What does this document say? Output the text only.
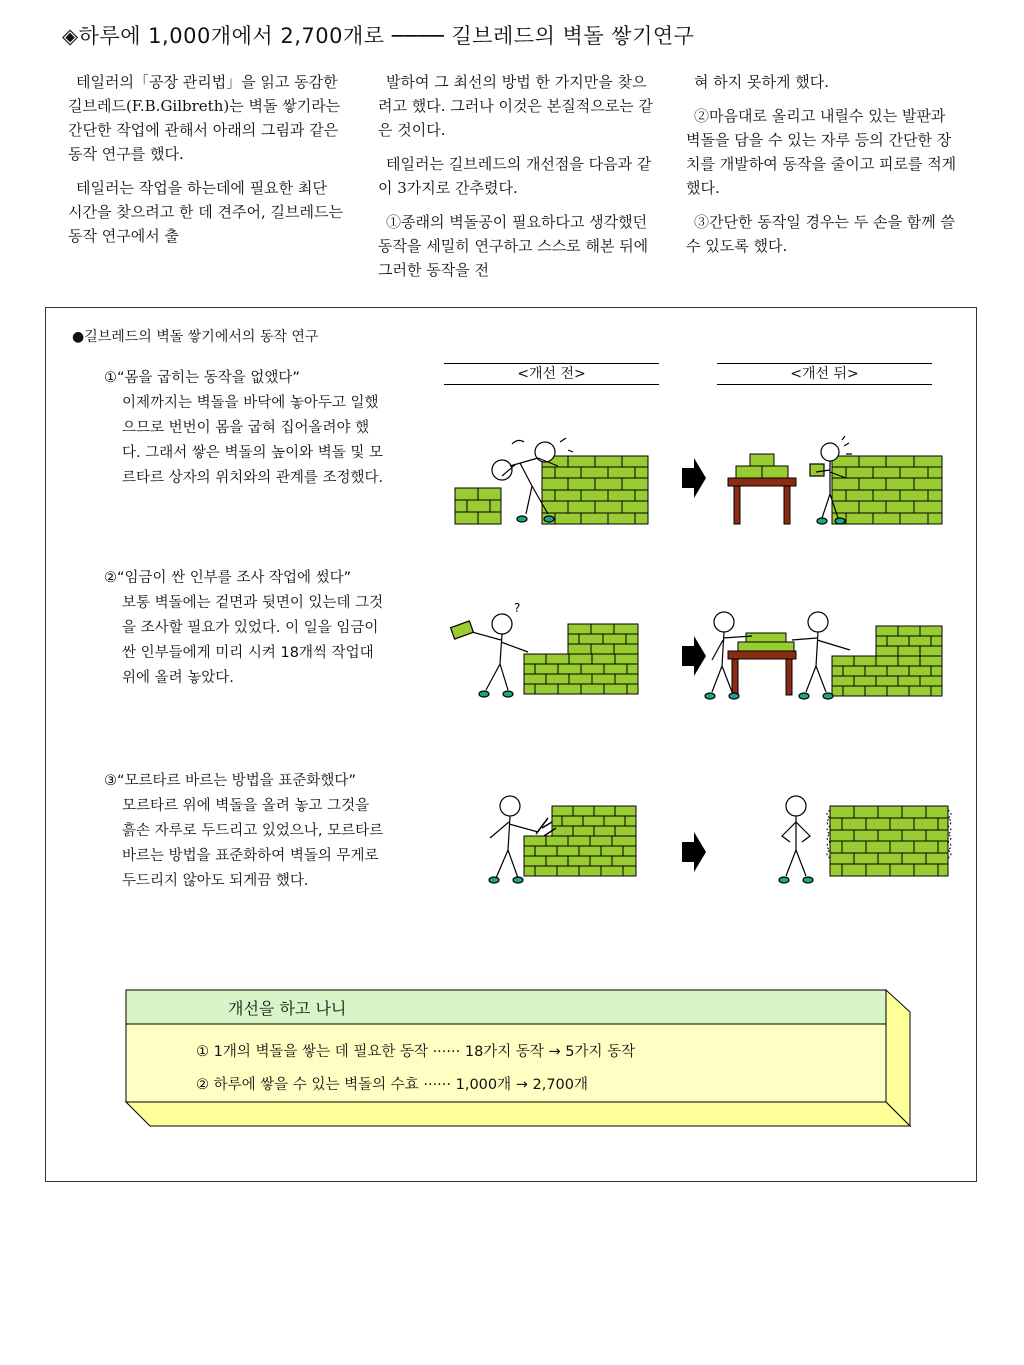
◈하루에 1,000개에서 2,700개로 ──── 길브레드의 벽돌 쌓기연구

테일러의「공장 관리법」을 읽고 동감한 길브레드(F.B.Gilbreth)는 벽돌 쌓기라는 간단한 작업에 관해서 아래의 그림과 같은 동작 연구를 했다.

테일러는 작업을 하는데에 필요한 최단 시간을 찾으려고 한 데 견주어, 길브레드는 동작 연구에서 출

발하여 그 최선의 방법 한 가지만을 찾으려고 했다. 그러나 이것은 본질적으로는 같은 것이다.

테일러는 길브레드의 개선점을 다음과 같이 3가지로 간추렸다.

①종래의 벽돌공이 필요하다고 생각했던 동작을 세밀히 연구하고 스스로 해본 뒤에 그러한 동작을 전

혀 하지 못하게 했다.

②마음대로 올리고 내릴수 있는 발판과 벽돌을 담을 수 있는 자루 등의 간단한 장치를 개발하여 동작을 줄이고 피로를 적게했다.

③간단한 동작일 경우는 두 손을 함께 쓸 수 있도록 했다.

●길브레드의 벽돌 쌓기에서의 동작 연구
<개선 전>	<개선 뒤>
①“몸을 굽히는 동작을 없앴다”
이제까지는 벽돌을 바닥에 놓아두고 일했으므로 번번이 몸을 굽혀 집어올려야 했다. 그래서 쌓은 벽돌의 높이와 벽돌 및 모르타르 상자의 위치와의 관계를 조정했다.
②“임금이 싼 인부를 조사 작업에 썼다”
보통 벽돌에는 겉면과 뒷면이 있는데 그것을 조사할 필요가 있었다. 이 일을 임금이 싼 인부들에게 미리 시켜 18개씩 작업대 위에 올려 놓았다.
③“모르타르 바르는 방법을 표준화했다”
모르타르 위에 벽돌을 올려 놓고 그것을 흙손 자루로 두드리고 있었으나, 모르타르 바르는 방법을 표준화하여 벽돌의 무게로 두드리지 않아도 되게끔 했다.
?
개선을 하고 나니
① 1개의 벽돌을 쌓는 데 필요한 동작 ······ 18가지 동작 → 5가지 동작
② 하루에 쌓을 수 있는 벽돌의 수효 ······ 1,000개 → 2,700개
